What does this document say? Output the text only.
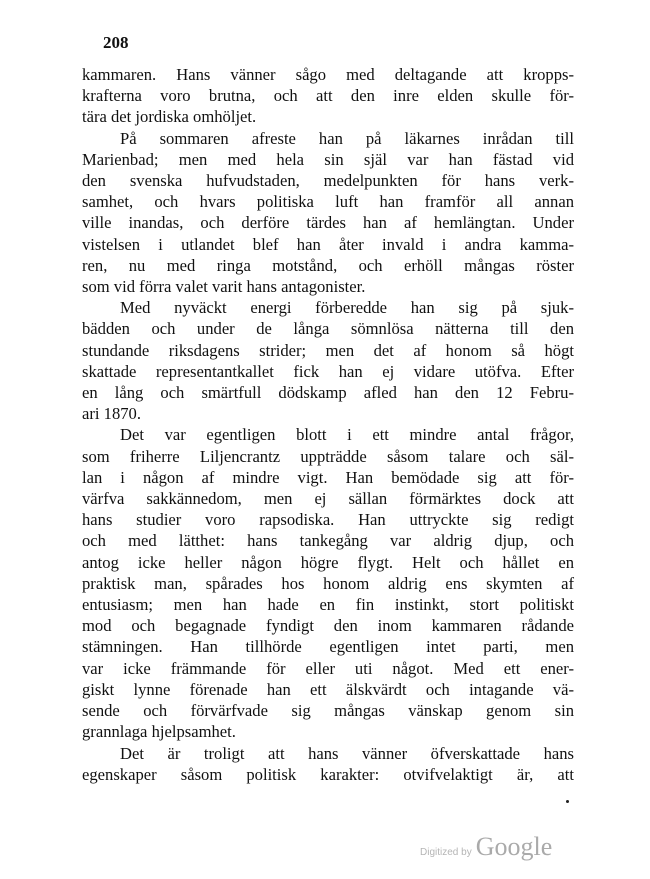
208
kammaren. Hans vänner sågo med deltagande att kropps-
krafterna voro brutna, och att den inre elden skulle för-
tära det jordiska omhöljet.
På sommaren afreste han på läkarnes inrådan till
Marienbad; men med hela sin själ var han fästad vid
den svenska hufvudstaden, medelpunkten för hans verk-
samhet, och hvars politiska luft han framför all annan
ville inandas, och derföre tärdes han af hemlängtan. Under
vistelsen i utlandet blef han åter invald i andra kamma-
ren, nu med ringa motstånd, och erhöll mångas röster
som vid förra valet varit hans antagonister.
Med nyväckt energi förberedde han sig på sjuk-
bädden och under de långa sömnlösa nätterna till den
stundande riksdagens strider; men det af honom så högt
skattade representantkallet fick han ej vidare utöfva. Efter
en lång och smärtfull dödskamp afled han den 12 Febru-
ari 1870.
Det var egentligen blott i ett mindre antal frågor,
som friherre Liljencrantz uppträdde såsom talare och säl-
lan i någon af mindre vigt. Han bemödade sig att för-
värfva sakkännedom, men ej sällan förmärktes dock att
hans studier voro rapsodiska. Han uttryckte sig redigt
och med lätthet: hans tankegång var aldrig djup, och
antog icke heller någon högre flygt. Helt och hållet en
praktisk man, spårades hos honom aldrig ens skymten af
entusiasm; men han hade en fin instinkt, stort politiskt
mod och begagnade fyndigt den inom kammaren rådande
stämningen. Han tillhörde egentligen intet parti, men
var icke främmande för eller uti något. Med ett ener-
giskt lynne förenade han ett älskvärdt och intagande vä-
sende och förvärfvade sig mångas vänskap genom sin
grannlaga hjelpsamhet.
Det är troligt att hans vänner öfverskattade hans
egenskaper såsom politisk karakter: otvifvelaktigt är, att
Digitized by Google
